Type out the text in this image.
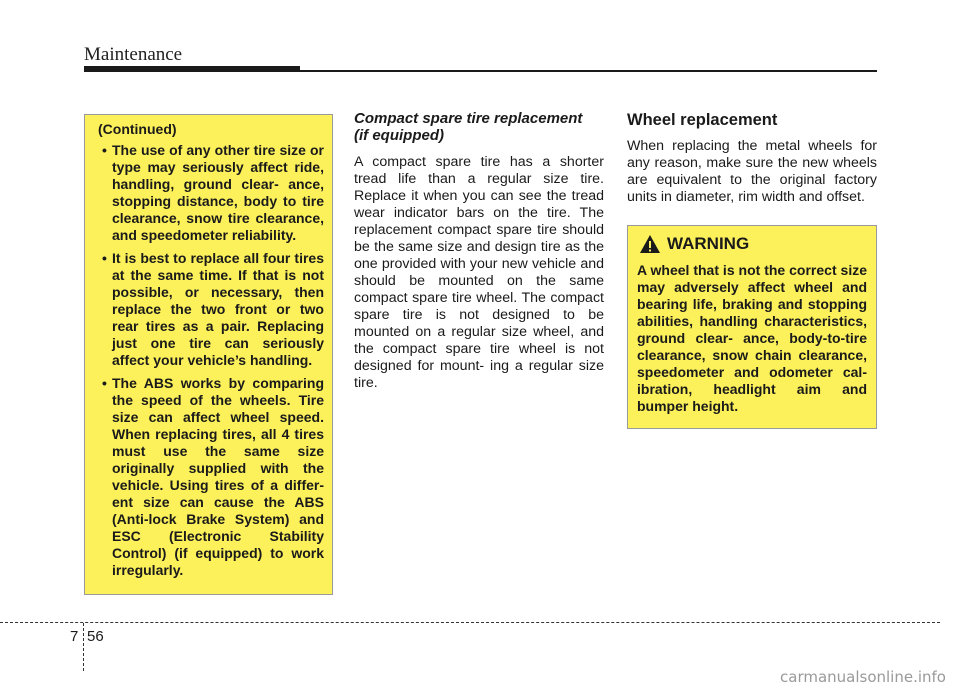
Maintenance
(Continued)
• The use of any other tire size or type may seriously affect ride, handling, ground clear- ance, stopping distance, body to tire clearance, snow tire clearance, and speedometer reliability.
• It is best to replace all four tires at the same time. If that is not possible, or necessary, then replace the two front or two rear tires as a pair. Replacing just one tire can seriously affect your vehicle’s handling.
• The ABS works by comparing the speed of the wheels. Tire size can affect wheel speed. When replacing tires, all 4 tires must use the same size originally supplied with the vehicle. Using tires of a differ- ent size can cause the ABS (Anti-lock Brake System) and ESC (Electronic Stability Control) (if equipped) to work irregularly.
Compact spare tire replacement
(if equipped)

A compact spare tire has a shorter tread life than a regular size tire. Replace it when you can see the tread wear indicator bars on the tire. The replacement compact spare tire should be the same size and design tire as the one provided with your new vehicle and should be mounted on the same compact spare tire wheel. The compact spare tire is not designed to be mounted on a regular size wheel, and the compact spare tire wheel is not designed for mount- ing a regular size tire.

Wheel replacement

When replacing the metal wheels for any reason, make sure the new wheels are equivalent to the original factory units in diameter, rim width and offset.

WARNING

A wheel that is not the correct size may adversely affect wheel and bearing life, braking and stopping abilities, handling characteristics, ground clear- ance, body-to-tire clearance, snow chain clearance, speedometer and odometer cal- ibration, headlight aim and bumper height.

7 56
carmanualsonline.info
